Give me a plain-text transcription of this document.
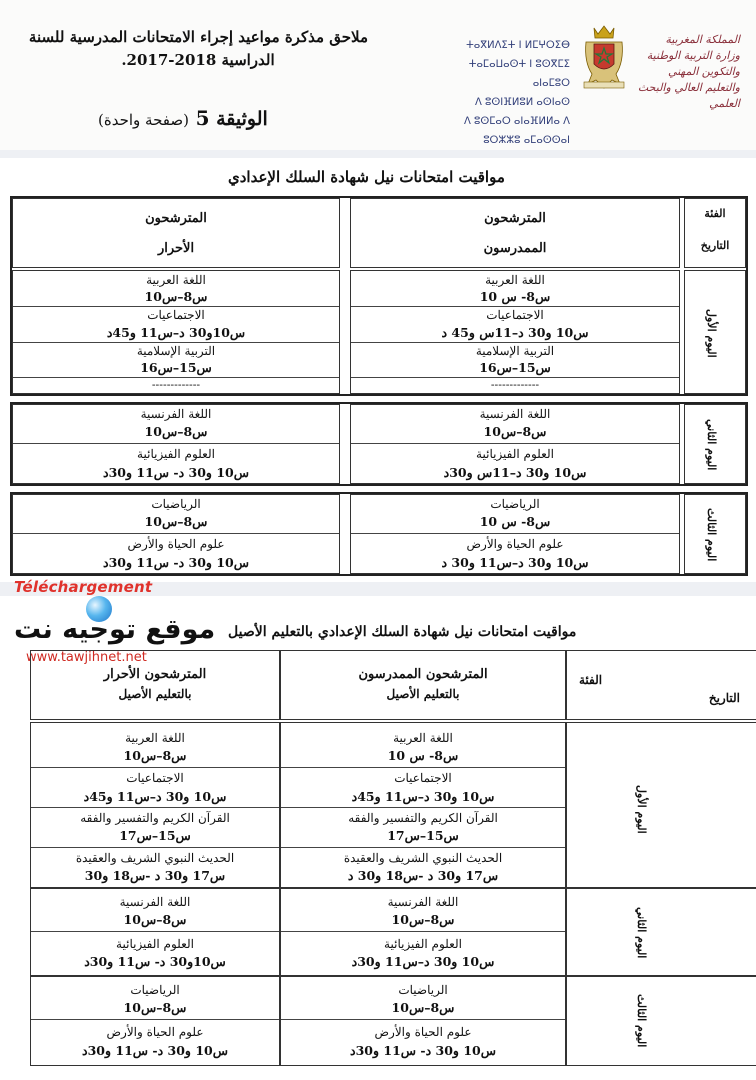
ملاحق مذكرة مواعيد إجراء الامتحانات المدرسية للسنة
الدراسية 2018-2017.
الوثيقة 5 (صفحة واحدة)
ⵜⴰⴳⵍⴷⵉⵜ ⵏ ⵍⵎⵖⵔⵉⴱ
ⵜⴰⵎⴰⵡⴰⵙⵜ ⵏ ⵓⵙⴳⵎⵉ ⴰⵏⴰⵎⵓⵔ
ⴷ ⵓⵙⵏⴼⵍⵓⵍ ⴰⵙⵏⴰⵙ
ⴷ ⵓⵙⵎⴰⵔ ⴰⵏⴰⴼⵍⵍⴰ ⴷ ⵓⵔⵣⵣⵓ ⴰⵎⴰⵙⵙⴰⵏ
المملكة المغربية
وزارة التربية الوطنية
والتكوين المهني
والتعليم العالي والبحث العلمي
مواقيت امتحانات نيل شهادة السلك الإعدادي
المترشحون
الأحرار
المترشحون
الممدرسون
الفئة
التاريخ
اللغة العربية
س8–س10
الاجتماعيات
س10و30 د–س11 و45د
التربية الإسلامية
س15–س16
-------------
اللغة العربية
س8- س 10
الاجتماعيات
س10 و30 د–11س و45 د
التربية الإسلامية
س15–س16
-------------
اليوم الأول
اللغة الفرنسية
س8–س10
العلوم الفيزيائية
س10 و30 د- س11 و30د
اللغة الفرنسية
س8–س10
العلوم الفيزيائية
س10 و30 د–11س و30د
اليوم الثاني
الرياضيات
س8–س10
علوم الحياة والأرض
س10 و30 د- س11 و30د
الرياضيات
س8- س 10
علوم الحياة والأرض
س10 و30 د–س11 و30 د
اليوم الثالث
Téléchargement
موقع توجيه نت
www.tawjihnet.net
مواقيت امتحانات نيل شهادة السلك الإعدادي بالتعليم الأصيل
المترشحون الأحرار
بالتعليم الأصيل
المترشحون الممدرسون
بالتعليم الأصيل
الفئة
التاريخ
اللغة العربية
س8–س10
الاجتماعيات
س10 و30 د–س11 و45د
القرآن الكريم والتفسير والفقه
س15–س17
الحديث النبوي الشريف والعقيدة
س17 و30 د -س18 و30
اللغة العربية
س8- س 10
الاجتماعيات
س10 و30 د–س11 و45د
القرآن الكريم والتفسير والفقه
س15–س17
الحديث النبوي الشريف والعقيدة
س17 و30 د -س18 و30 د
اليوم الأول
اللغة الفرنسية
س8–س10
العلوم الفيزيائية
س10و30 د- س11 و30د
اللغة الفرنسية
س8–س10
العلوم الفيزيائية
س10 و30 د–س11 و30د
اليوم الثاني
الرياضيات
س8–س10
علوم الحياة والأرض
س10 و30 د- س11 و30د
الرياضيات
س8–س10
علوم الحياة والأرض
س10 و30 د- س11 و30د
اليوم الثالث
